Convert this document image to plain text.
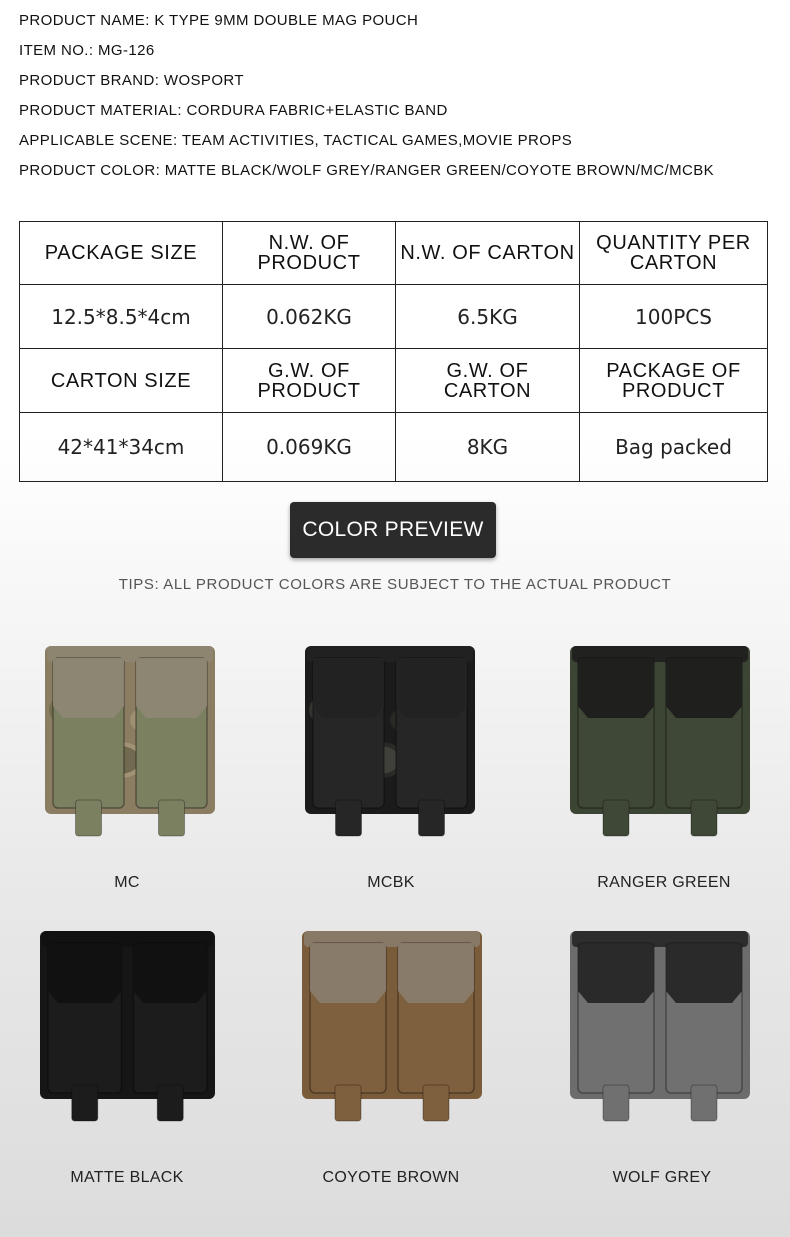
PRODUCT NAME: K TYPE 9MM DOUBLE MAG POUCH
ITEM NO.: MG-126
PRODUCT BRAND: WOSPORT
PRODUCT MATERIAL: CORDURA FABRIC+ELASTIC BAND
APPLICABLE SCENE: TEAM ACTIVITIES, TACTICAL GAMES,MOVIE PROPS
PRODUCT COLOR: MATTE BLACK/WOLF GREY/RANGER GREEN/COYOTE BROWN/MC/MCBK
PACKAGE SIZE	N.W. OF PRODUCT	N.W. OF CARTON	QUANTITY PER CARTON
12.5*8.5*4cm	0.062KG	6.5KG	100PCS
CARTON SIZE	G.W. OF PRODUCT	G.W. OF CARTON	PACKAGE OF PRODUCT
42*41*34cm	0.069KG	8KG	Bag packed
COLOR PREVIEW
TIPS: ALL PRODUCT COLORS ARE SUBJECT TO THE ACTUAL PRODUCT
MC	MCBK	RANGER GREEN
MATTE BLACK	COYOTE BROWN	WOLF GREY
